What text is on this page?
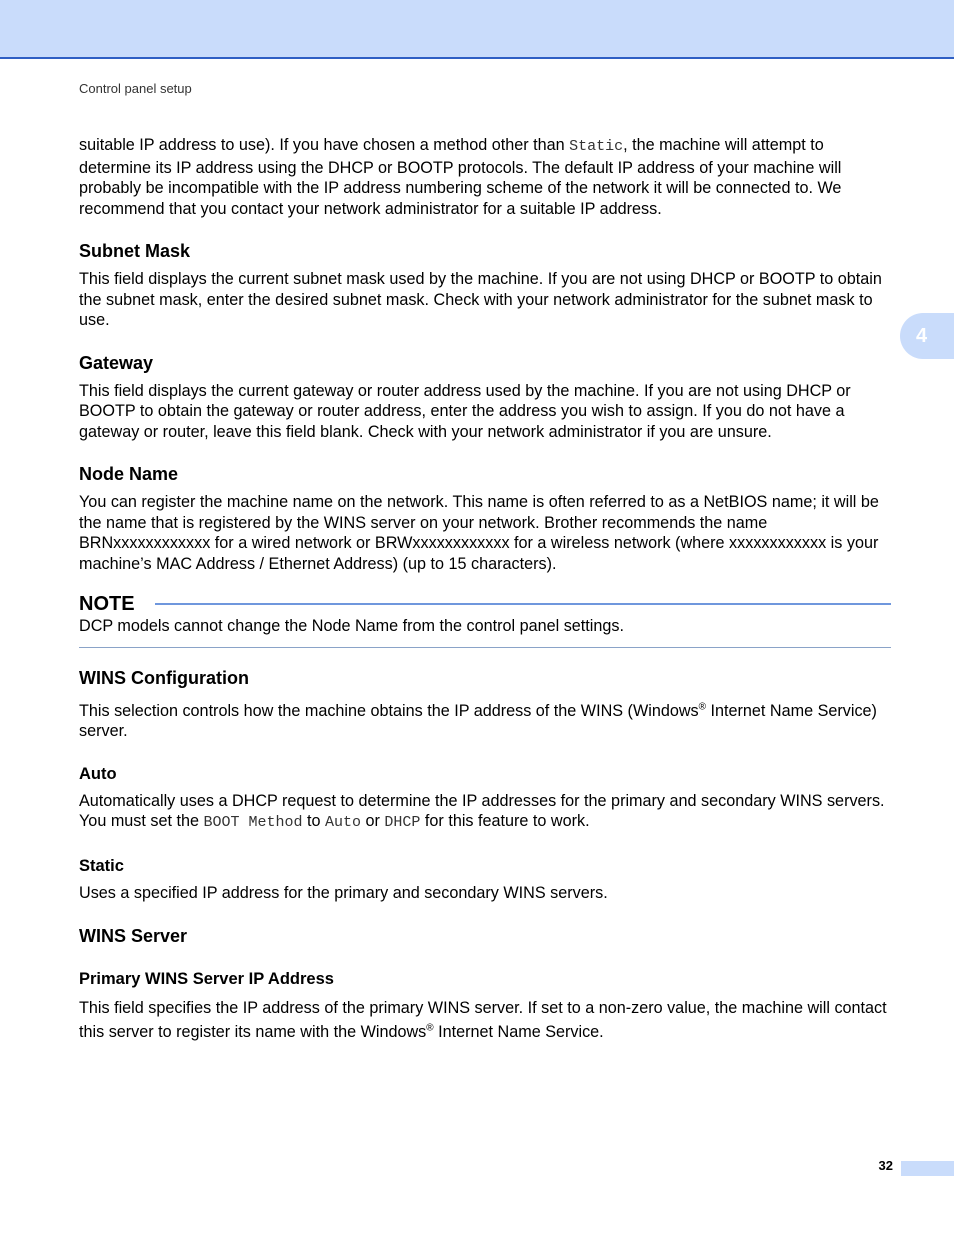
Control panel setup
4

suitable IP address to use). If you have chosen a method other than Static, the machine will attempt to determine its IP address using the DHCP or BOOTP protocols. The default IP address of your machine will probably be incompatible with the IP address numbering scheme of the network it will be connected to. We recommend that you contact your network administrator for a suitable IP address.

Subnet Mask

This field displays the current subnet mask used by the machine. If you are not using DHCP or BOOTP to obtain the subnet mask, enter the desired subnet mask. Check with your network administrator for the subnet mask to use.

Gateway

This field displays the current gateway or router address used by the machine. If you are not using DHCP or BOOTP to obtain the gateway or router address, enter the address you wish to assign. If you do not have a gateway or router, leave this field blank. Check with your network administrator if you are unsure.

Node Name

You can register the machine name on the network. This name is often referred to as a NetBIOS name; it will be the name that is registered by the WINS server on your network. Brother recommends the name BRNxxxxxxxxxxxx for a wired network or BRWxxxxxxxxxxxx for a wireless network (where xxxxxxxxxxxx is your machine’s MAC Address / Ethernet Address) (up to 15 characters).

NOTE

DCP models cannot change the Node Name from the control panel settings.

WINS Configuration

This selection controls how the machine obtains the IP address of the WINS (Windows® Internet Name Service) server.

Auto

Automatically uses a DHCP request to determine the IP addresses for the primary and secondary WINS servers. You must set the BOOT Method to Auto or DHCP for this feature to work.

Static

Uses a specified IP address for the primary and secondary WINS servers.

WINS Server
Primary WINS Server IP Address

This field specifies the IP address of the primary WINS server. If set to a non-zero value, the machine will contact this server to register its name with the Windows® Internet Name Service.

32
